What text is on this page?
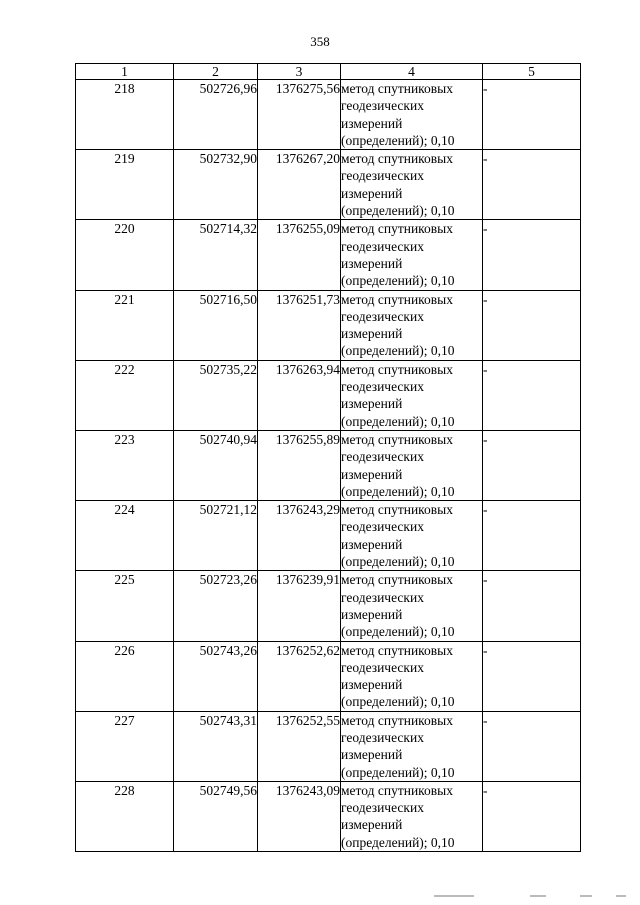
358
1	2	3	4	5
218	502726,96	1376275,56	метод спутниковых
геодезических
измерений
(определений); 0,10	-
219	502732,90	1376267,20	метод спутниковых
геодезических
измерений
(определений); 0,10	-
220	502714,32	1376255,09	метод спутниковых
геодезических
измерений
(определений); 0,10	-
221	502716,50	1376251,73	метод спутниковых
геодезических
измерений
(определений); 0,10	-
222	502735,22	1376263,94	метод спутниковых
геодезических
измерений
(определений); 0,10	-
223	502740,94	1376255,89	метод спутниковых
геодезических
измерений
(определений); 0,10	-
224	502721,12	1376243,29	метод спутниковых
геодезических
измерений
(определений); 0,10	-
225	502723,26	1376239,91	метод спутниковых
геодезических
измерений
(определений); 0,10	-
226	502743,26	1376252,62	метод спутниковых
геодезических
измерений
(определений); 0,10	-
227	502743,31	1376252,55	метод спутниковых
геодезических
измерений
(определений); 0,10	-
228	502749,56	1376243,09	метод спутниковых
геодезических
измерений
(определений); 0,10	-
